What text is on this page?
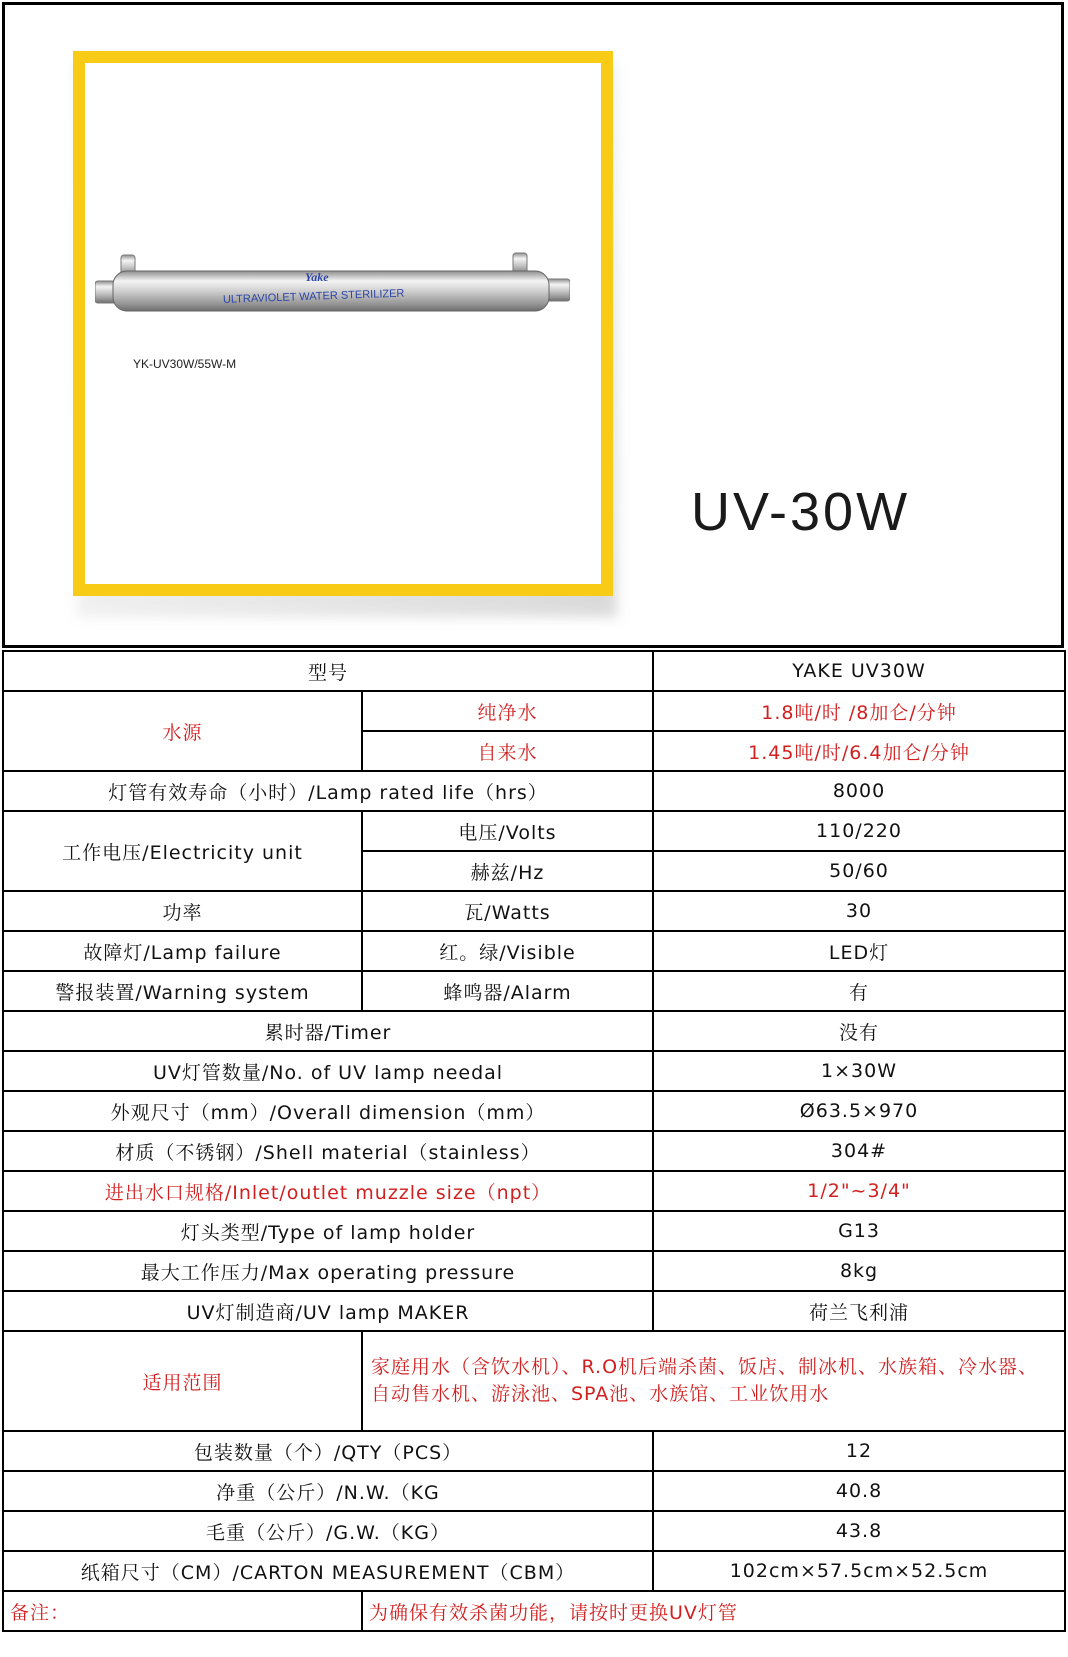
Yake
ULTRAVIOLET WATER STERILIZER
YK-UV30W/55W-M
UV-30W
型号		YAKE UV30W
水源	纯净水	1.8吨/时 /8加仑/分钟
	自来水	1.45吨/时/6.4加仑/分钟
灯管有效寿命（小时）/Lamp rated life（hrs）		8000
工作电压/Electricity unit	电压/Volts	110/220
	赫兹/Hz	50/60
功率	瓦/Watts	30
故障灯/Lamp failure	红。绿/Visible	LED灯
警报装置/Warning system	蜂鸣器/Alarm	有
累时器/Timer		没有
UV灯管数量/No. of UV lamp needal		1×30W
外观尺寸（mm）/Overall dimension（mm）		Ø63.5×970
材质（不锈钢）/Shell material（stainless）		304#
进出水口规格/Inlet/outlet muzzle size（npt）		1/2"~3/4"
灯头类型/Type of lamp holder		G13
最大工作压力/Max operating pressure		8kg
UV灯制造商/UV lamp MAKER		荷兰飞利浦
适用范围	家庭用水（含饮水机）、R.O机后端杀菌、饭店、制冰机、水族箱、冷水器、自动售水机、游泳池、SPA池、水族馆、工业饮用水	
包装数量（个）/QTY（PCS）		12
净重（公斤）/N.W.（KG		40.8
毛重（公斤）/G.W.（KG）		43.8
纸箱尺寸（CM）/CARTON MEASUREMENT（CBM）		102cm×57.5cm×52.5cm
备注：	为确保有效杀菌功能，请按时更换UV灯管	
